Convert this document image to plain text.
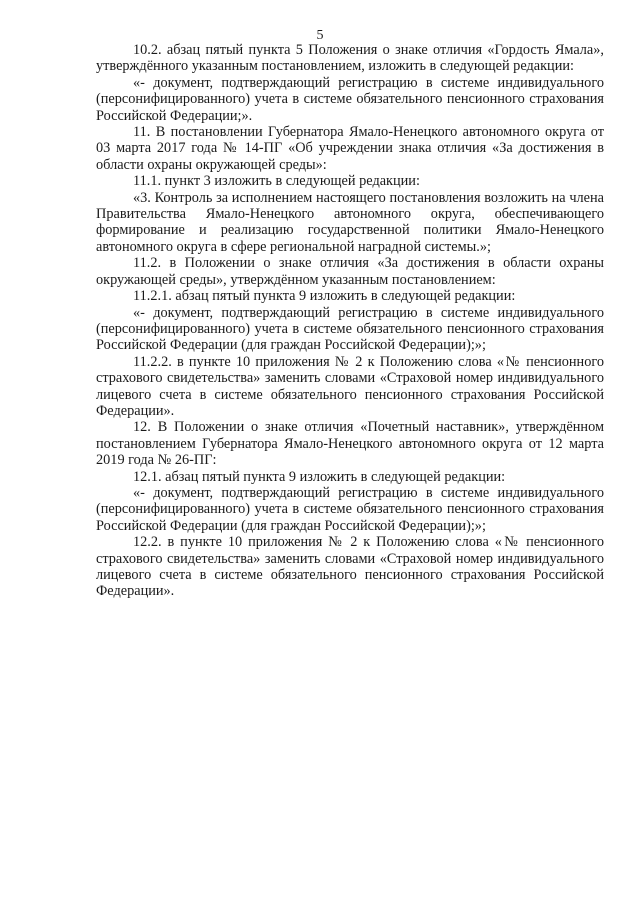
5

10.2. абзац пятый пункта 5 Положения о знаке отличия «Гордость Ямала», утверждённого указанным постановлением, изложить в следующей редакции:

«- документ, подтверждающий регистрацию в системе индивидуального (персонифицированного) учета в системе обязательного пенсионного страхования Российской Федерации;».

11. В постановлении Губернатора Ямало-Ненецкого автономного округа от 03 марта 2017 года № 14-ПГ «Об учреждении знака отличия «За достижения в области охраны окружающей среды»:

11.1. пункт 3 изложить в следующей редакции:

«3. Контроль за исполнением настоящего постановления возложить на члена Правительства Ямало-Ненецкого автономного округа, обеспечивающего формирование и реализацию государственной политики Ямало-Ненецкого автономного округа в сфере региональной наградной системы.»;

11.2. в Положении о знаке отличия «За достижения в области охраны окружающей среды», утверждённом указанным постановлением:

11.2.1. абзац пятый пункта 9 изложить в следующей редакции:

«- документ, подтверждающий регистрацию в системе индивидуального (персонифицированного) учета в системе обязательного пенсионного страхования Российской Федерации (для граждан Российской Федерации);»;

11.2.2. в пункте 10 приложения № 2 к Положению слова «№ пенсионного страхового свидетельства» заменить словами «Страховой номер индивидуального лицевого счета в системе обязательного пенсионного страхования Российской Федерации».

12. В Положении о знаке отличия «Почетный наставник», утверждённом постановлением Губернатора Ямало-Ненецкого автономного округа от 12 марта 2019 года № 26-ПГ:

12.1. абзац пятый пункта 9 изложить в следующей редакции:

«- документ, подтверждающий регистрацию в системе индивидуального (персонифицированного) учета в системе обязательного пенсионного страхования Российской Федерации (для граждан Российской Федерации);»;

12.2. в пункте 10 приложения № 2 к Положению слова «№ пенсионного страхового свидетельства» заменить словами «Страховой номер индивидуального лицевого счета в системе обязательного пенсионного страхования Российской Федерации».
